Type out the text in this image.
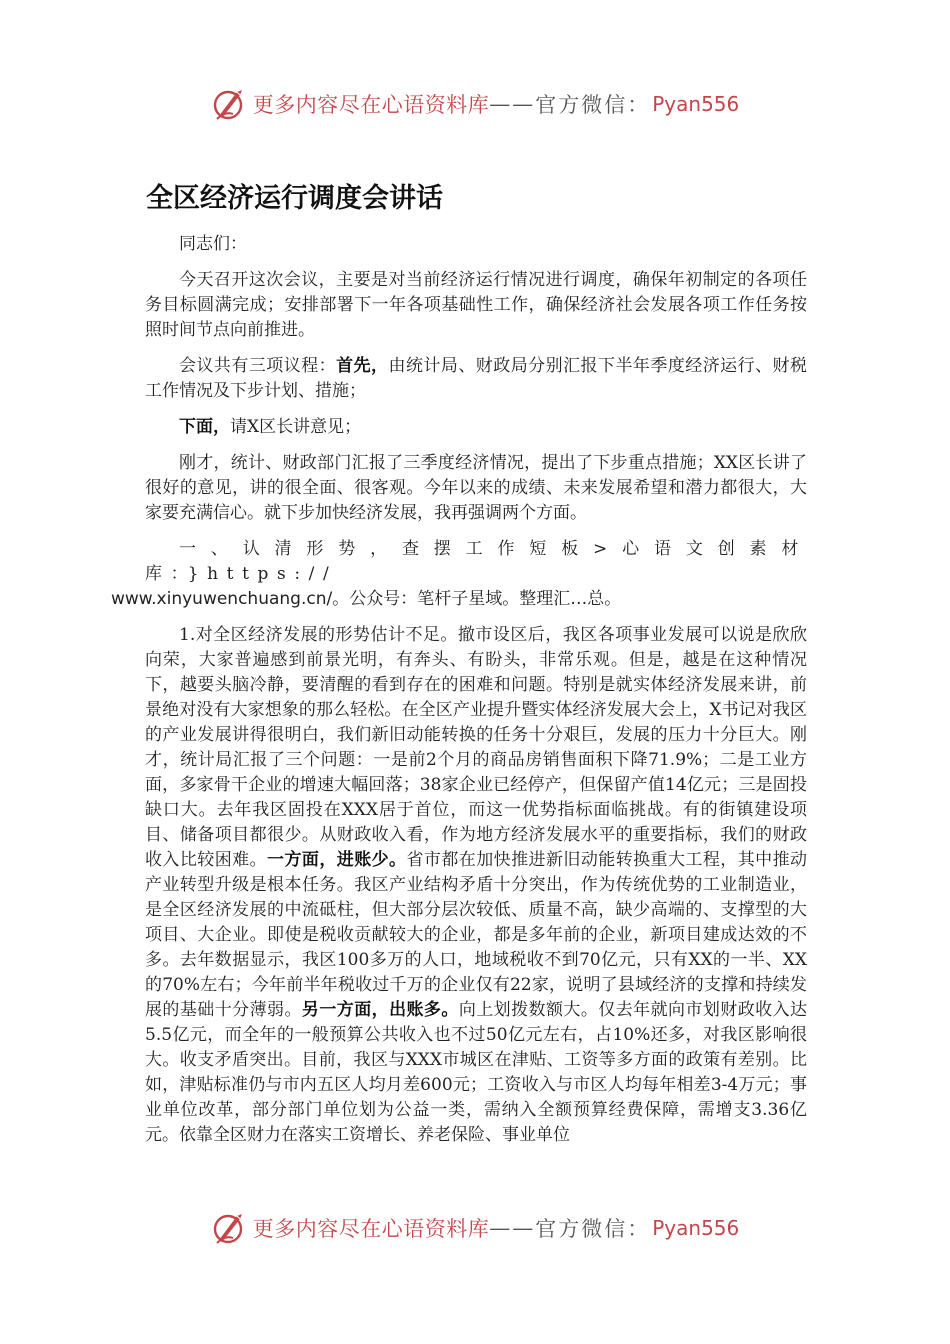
更多内容尽在心语资料库 —— 官方微信： Pyan556
全区经济运行调度会讲话

同志们：

今天召开这次会议，主要是对当前经济运行情况进行调度，确保年初制定的各项任务目标圆满完成；安排部署下一年各项基础性工作，确保经济社会发展各项工作任务按照时间节点向前推进。

会议共有三项议程：首先，由统计局、财政局分别汇报下半年季度经济运行、财税工作情况及下步计划、措施；

下面，请X区长讲意见；

刚才，统计、财政部门汇报了三季度经济情况，提出了下步重点措施；XX区长讲了很好的意见，讲的很全面、很客观。今年以来的成绩、未来发展希望和潜力都很大，大家要充满信心。就下步加快经济发展，我再强调两个方面。

一、认清形势，查摆工作短板>心语文创素材库：}https://
www.xinyuwenchuang.cn/。公众号：笔杆子星域。整理汇…总。

1.对全区经济发展的形势估计不足。撤市设区后，我区各项事业发展可以说是欣欣向荣，大家普遍感到前景光明，有奔头、有盼头，非常乐观。但是，越是在这种情况下，越要头脑冷静，要清醒的看到存在的困难和问题。特别是就实体经济发展来讲，前景绝对没有大家想象的那么轻松。在全区产业提升暨实体经济发展大会上，X书记对我区的产业发展讲得很明白，我们新旧动能转换的任务十分艰巨，发展的压力十分巨大。刚才，统计局汇报了三个问题：一是前2个月的商品房销售面积下降71.9%；二是工业方面，多家骨干企业的增速大幅回落；38家企业已经停产，但保留产值14亿元；三是固投缺口大。去年我区固投在XXX居于首位，而这一优势指标面临挑战。有的街镇建设项目、储备项目都很少。从财政收入看，作为地方经济发展水平的重要指标，我们的财政收入比较困难。一方面，进账少。省市都在加快推进新旧动能转换重大工程，其中推动产业转型升级是根本任务。我区产业结构矛盾十分突出，作为传统优势的工业制造业，是全区经济发展的中流砥柱，但大部分层次较低、质量不高，缺少高端的、支撑型的大项目、大企业。即使是税收贡献较大的企业，都是多年前的企业，新项目建成达效的不多。去年数据显示，我区100多万的人口，地域税收不到70亿元，只有XX的一半、XX的70%左右；今年前半年税收过千万的企业仅有22家，说明了县域经济的支撑和持续发展的基础十分薄弱。另一方面，出账多。向上划拨数额大。仅去年就向市划财政收入达5.5亿元，而全年的一般预算公共收入也不过50亿元左右，占10%还多，对我区影响很大。收支矛盾突出。目前，我区与XXX市城区在津贴、工资等多方面的政策有差别。比如，津贴标准仍与市内五区人均月差600元；工资收入与市区人均每年相差3-4万元；事业单位改革，部分部门单位划为公益一类，需纳入全额预算经费保障，需增支3.36亿元。依靠全区财力在落实工资增长、养老保险、事业单位

更多内容尽在心语资料库 —— 官方微信： Pyan556
